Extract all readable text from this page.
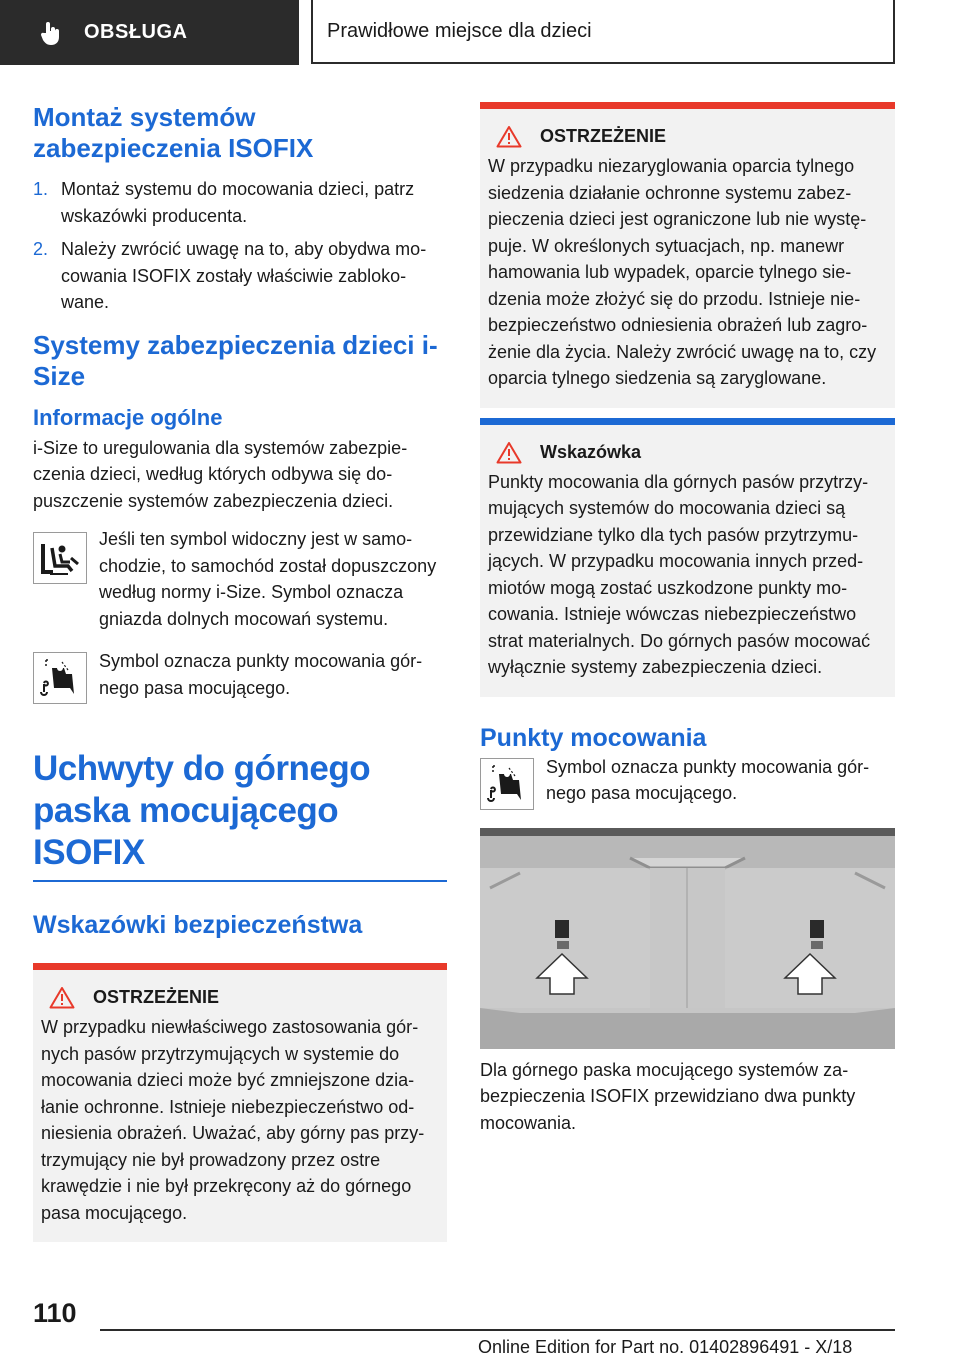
OBSŁUGA	Prawidłowe miejsce dla dzieci
Montaż systemów zabezpieczenia ISOFIX
1. Montaż systemu do mocowania dzieci, patrz wskazówki producenta.
2. Należy zwrócić uwagę na to, aby obydwa mocowania ISOFIX zostały właściwie zablokowane.
Systemy zabezpieczenia dzieci i-Size
Informacje ogólne

i-Size to uregulowania dla systemów zabezpieczenia dzieci, według których odbywa się dopuszczenie systemów zabezpieczenia dzieci.

Jeśli ten symbol widoczny jest w samochodzie, to samochód został dopuszczony według normy i-Size. Symbol oznacza gniazda dolnych mocowań systemu.

Symbol oznacza punkty mocowania górnego pasa mocującego.

Uchwyty do górnego paska mocującego ISOFIX
Wskazówki bezpieczeństwa
OSTRZEŻENIE

W przypadku niewłaściwego zastosowania górnych pasów przytrzymujących w systemie do mocowania dzieci może być zmniejszone działanie ochronne. Istnieje niebezpieczeństwo odniesienia obrażeń. Uważać, aby górny pas przytrzymujący nie był prowadzony przez ostre krawędzie i nie był przekręcony aż do górnego pasa mocującego.

OSTRZEŻENIE

W przypadku niezaryglowania oparcia tylnego siedzenia działanie ochronne systemu zabezpieczenia dzieci jest ograniczone lub nie występuje. W określonych sytuacjach, np. manewr hamowania lub wypadek, oparcie tylnego siedzenia może złożyć się do przodu. Istnieje niebezpieczeństwo odniesienia obrażeń lub zagrożenie dla życia. Należy zwrócić uwagę na to, czy oparcia tylnego siedzenia są zaryglowane.

Wskazówka

Punkty mocowania dla górnych pasów przytrzymujących systemów do mocowania dzieci są przewidziane tylko dla tych pasów przytrzymujących. W przypadku mocowania innych przedmiotów mogą zostać uszkodzone punkty mocowania. Istnieje wówczas niebezpieczeństwo strat materialnych. Do górnych pasów mocować wyłącznie systemy zabezpieczenia dzieci.

Punkty mocowania

Symbol oznacza punkty mocowania górnego pasa mocującego.

Dla górnego paska mocującego systemów zabezpieczenia ISOFIX przewidziano dwa punkty mocowania.

110
Online Edition for Part no. 01402896491 - X/18
